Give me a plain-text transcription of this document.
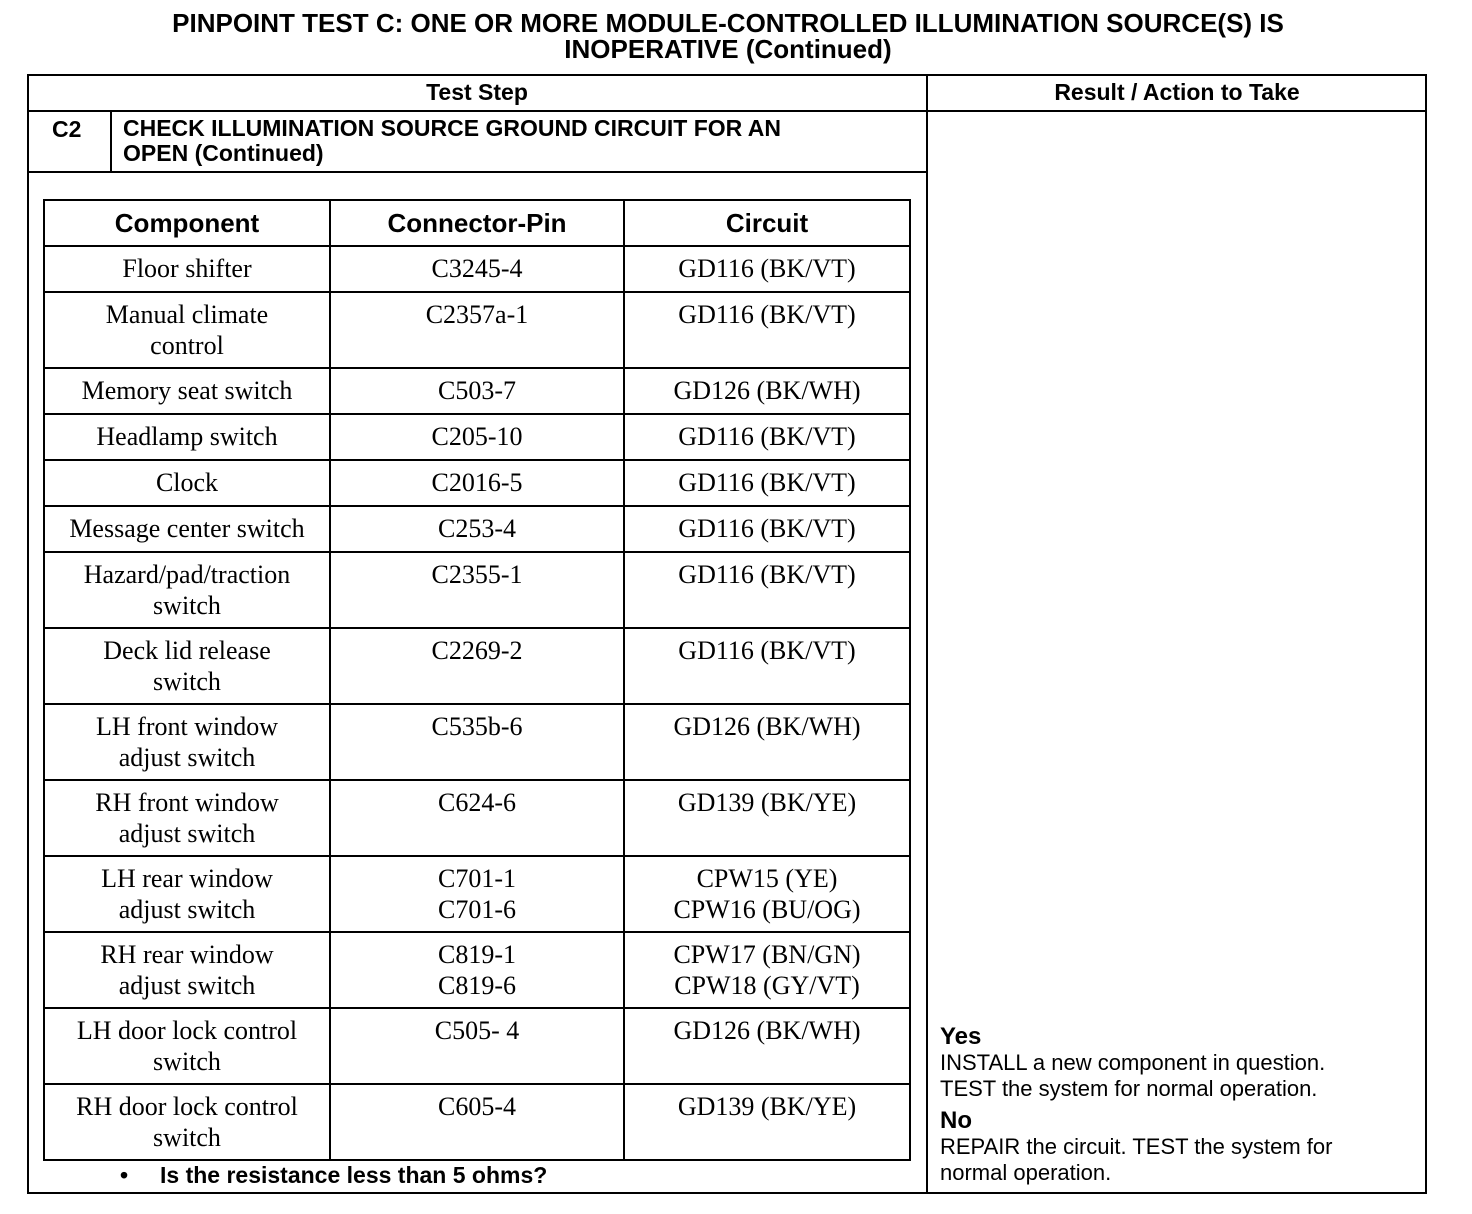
PINPOINT TEST C: ONE OR MORE MODULE-CONTROLLED ILLUMINATION SOURCE(S) IS
INOPERATIVE (Continued)
Test Step	Result / Action to Take
C2 CHECK ILLUMINATION SOURCE GROUND CIRCUIT FOR AN
OPEN (Continued)
Component	Connector-Pin	Circuit

Floor shifter	C3245-4	GD116 (BK/VT)

Manual climate
control	C2357a-1	GD116 (BK/VT)

Memory seat switch	C503-7	GD126 (BK/WH)

Headlamp switch	C205-10	GD116 (BK/VT)

Clock	C2016-5	GD116 (BK/VT)

Message center switch	C253-4	GD116 (BK/VT)

Hazard/pad/traction
switch	C2355-1	GD116 (BK/VT)

Deck lid release
switch	C2269-2	GD116 (BK/VT)

LH front window
adjust switch	C535b-6	GD126 (BK/WH)

RH front window
adjust switch	C624-6	GD139 (BK/YE)

LH rear window
adjust switch	C701-1
C701-6	CPW15 (YE)
CPW16 (BU/OG)

RH rear window
adjust switch	C819-1
C819-6	CPW17 (BN/GN)
CPW18 (GY/VT)

LH door lock control
switch	C505- 4	GD126 (BK/WH)

RH door lock control
switch	C605-4	GD139 (BK/YE)
• Is the resistance less than 5 ohms?
Yes
INSTALL a new component in question.
TEST the system for normal operation.
No
REPAIR the circuit. TEST the system for
normal operation.
